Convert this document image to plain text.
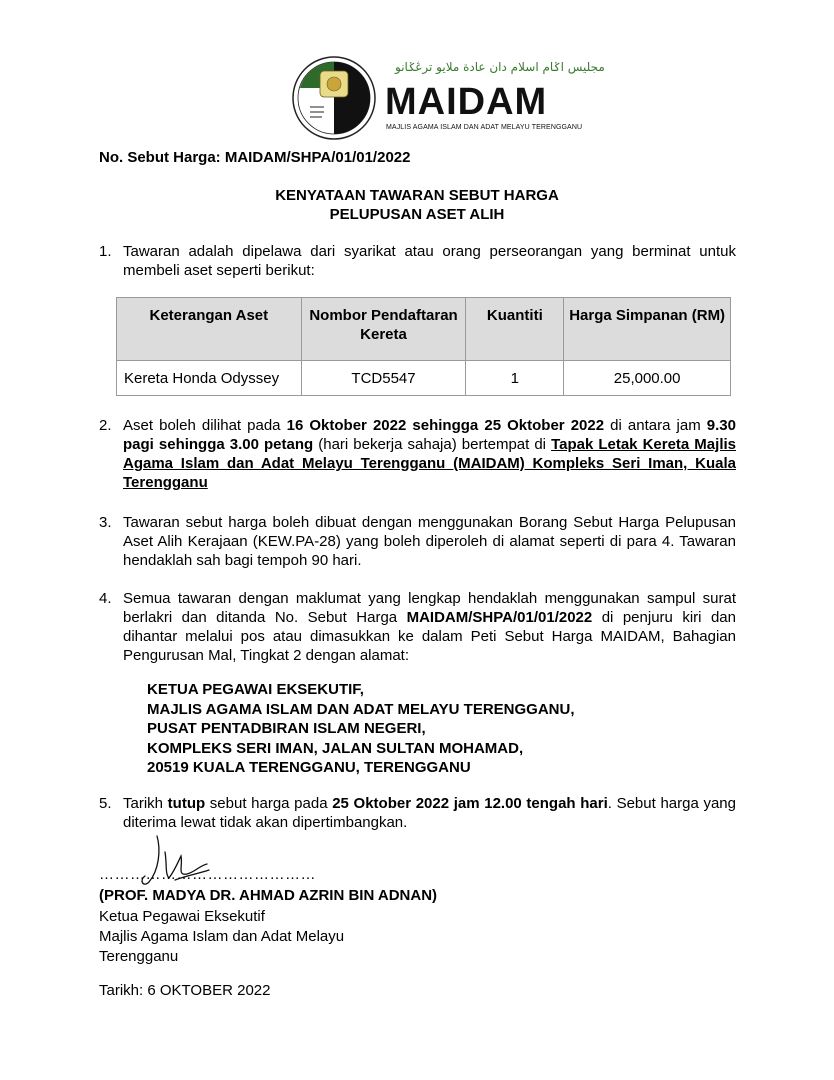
مجليس اݢام اسلام دان عادة ملايو ترڠݢانو
MAIDAM
MAJLIS AGAMA ISLAM DAN ADAT MELAYU TERENGGANU
No. Sebut Harga: MAIDAM/SHPA/01/01/2022
KENYATAAN TAWARAN SEBUT HARGA
PELUPUSAN ASET ALIH
1. Tawaran adalah dipelawa dari syarikat atau orang perseorangan yang berminat untuk membeli aset seperti berikut:
Keterangan Aset	Nombor Pendaftaran Kereta	Kuantiti	Harga Simpanan (RM)
Kereta Honda Odyssey	TCD5547	1	25,000.00
2. Aset boleh dilihat pada 16 Oktober 2022 sehingga 25 Oktober 2022 di antara jam 9.30 pagi sehingga 3.00 petang (hari bekerja sahaja) bertempat di Tapak Letak Kereta Majlis Agama Islam dan Adat Melayu Terengganu (MAIDAM) Kompleks Seri Iman, Kuala Terengganu
3. Tawaran sebut harga boleh dibuat dengan menggunakan Borang Sebut Harga Pelupusan Aset Alih Kerajaan (KEW.PA-28) yang boleh diperoleh di alamat seperti di para 4. Tawaran hendaklah sah bagi tempoh 90 hari.
4. Semua tawaran dengan maklumat yang lengkap hendaklah menggunakan sampul surat berlakri dan ditanda No. Sebut Harga MAIDAM/SHPA/01/01/2022 di penjuru kiri dan dihantar melalui pos atau dimasukkan ke dalam Peti Sebut Harga MAIDAM, Bahagian Pengurusan Mal, Tingkat 2 dengan alamat:
KETUA PEGAWAI EKSEKUTIF,
MAJLIS AGAMA ISLAM DAN ADAT MELAYU TERENGGANU,
PUSAT PENTADBIRAN ISLAM NEGERI,
KOMPLEKS SERI IMAN, JALAN SULTAN MOHAMAD,
20519 KUALA TERENGGANU, TERENGGANU
5. Tarikh tutup sebut harga pada 25 Oktober 2022 jam 12.00 tengah hari. Sebut harga yang diterima lewat tidak akan dipertimbangkan.
……………………………………
(PROF. MADYA DR. AHMAD AZRIN BIN ADNAN)
Ketua Pegawai Eksekutif
Majlis Agama Islam dan Adat Melayu
Terengganu
Tarikh: 6 OKTOBER 2022
